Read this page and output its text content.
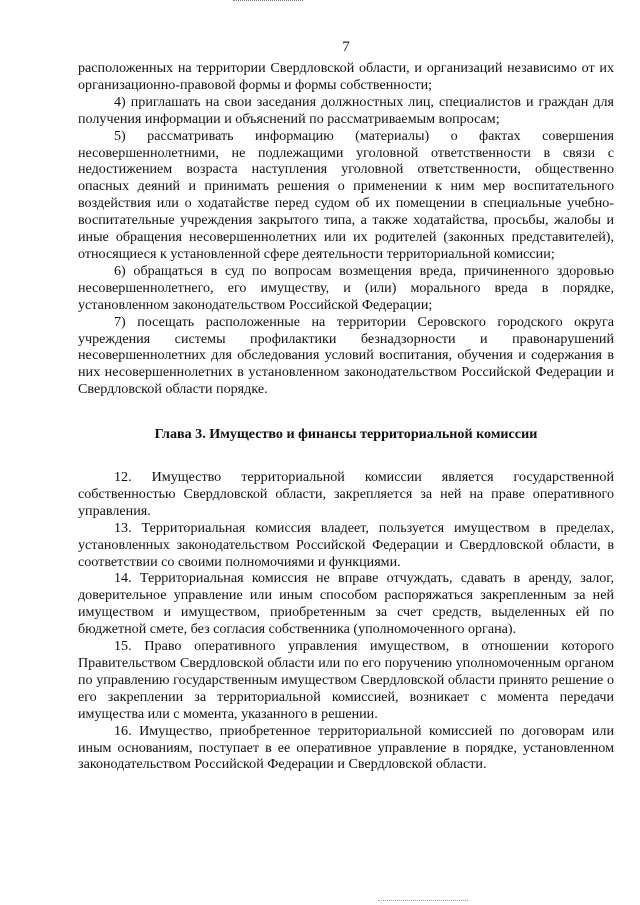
7

расположенных на территории Свердловской области, и организаций независимо от их организационно-правовой формы и формы собственности;

4) приглашать на свои заседания должностных лиц, специалистов и граждан для получения информации и объяснений по рассматриваемым вопросам;

5) рассматривать информацию (материалы) о фактах совершения несовершеннолетними, не подлежащими уголовной ответственности в связи с недостижением возраста наступления уголовной ответственности, общественно опасных деяний и принимать решения о применении к ним мер воспитательного воздействия или о ходатайстве перед судом об их помещении в специальные учебно-воспитательные учреждения закрытого типа, а также ходатайства, просьбы, жалобы и иные обращения несовершеннолетних или их родителей (законных представителей), относящиеся к установленной сфере деятельности территориальной комиссии;

6) обращаться в суд по вопросам возмещения вреда, причиненного здоровью несовершеннолетнего, его имуществу, и (или) морального вреда в порядке, установленном законодательством Российской Федерации;

7) посещать расположенные на территории Серовского городского округа учреждения системы профилактики безнадзорности и правонарушений несовершеннолетних для обследования условий воспитания, обучения и содержания в них несовершеннолетних в установленном законодательством Российской Федерации и Свердловской области порядке.

Глава 3. Имущество и финансы территориальной комиссии

12. Имущество территориальной комиссии является государственной собственностью Свердловской области, закрепляется за ней на праве оперативного управления.

13. Территориальная комиссия владеет, пользуется имуществом в пределах, установленных законодательством Российской Федерации и Свердловской области, в соответствии со своими полномочиями и функциями.

14. Территориальная комиссия не вправе отчуждать, сдавать в аренду, залог, доверительное управление или иным способом распоряжаться закрепленным за ней имуществом и имуществом, приобретенным за счет средств, выделенных ей по бюджетной смете, без согласия собственника (уполномоченного органа).

15. Право оперативного управления имуществом, в отношении которого Правительством Свердловской области или по его поручению уполномоченным органом по управлению государственным имуществом Свердловской области принято решение о его закреплении за территориальной комиссией, возникает с момента передачи имущества или с момента, указанного в решении.

16. Имущество, приобретенное территориальной комиссией по договорам или иным основаниям, поступает в ее оперативное управление в порядке, установленном законодательством Российской Федерации и Свердловской области.
